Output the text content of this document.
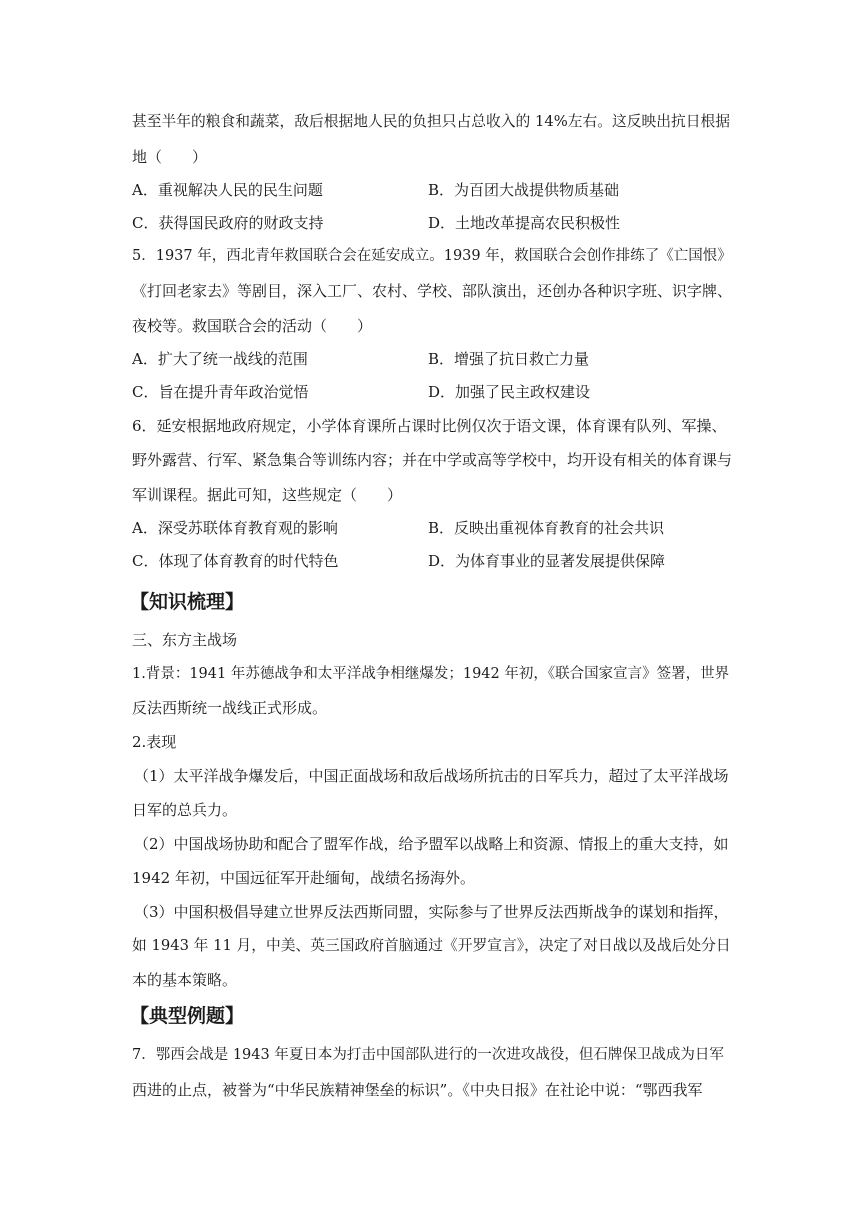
甚至半年的粮食和蔬菜，敌后根据地人民的负担只占总收入的 14%左右。这反映出抗日根据
地（　　）
A．重视解决人民的民生问题	B．为百团大战提供物质基础
C．获得国民政府的财政支持	D．土地改革提高农民积极性
5．1937 年，西北青年救国联合会在延安成立。1939 年，救国联合会创作排练了《亡国恨》
《打回老家去》等剧目，深入工厂、农村、学校、部队演出，还创办各种识字班、识字牌、
夜校等。救国联合会的活动（　　）
A．扩大了统一战线的范围	B．增强了抗日救亡力量
C．旨在提升青年政治觉悟	D．加强了民主政权建设
6．延安根据地政府规定，小学体育课所占课时比例仅次于语文课，体育课有队列、军操、
野外露营、行军、紧急集合等训练内容；并在中学或高等学校中，均开设有相关的体育课与
军训课程。据此可知，这些规定（　　）
A．深受苏联体育教育观的影响	B．反映出重视体育教育的社会共识
C．体现了体育教育的时代特色	D．为体育事业的显著发展提供保障
【知识梳理】
三、东方主战场
1.背景：1941 年苏德战争和太平洋战争相继爆发；1942 年初，《联合国家宣言》签署，世界
反法西斯统一战线正式形成。
2.表现
（1）太平洋战争爆发后，中国正面战场和敌后战场所抗击的日军兵力，超过了太平洋战场
日军的总兵力。
（2）中国战场协助和配合了盟军作战，给予盟军以战略上和资源、情报上的重大支持，如
1942 年初，中国远征军开赴缅甸，战绩名扬海外。
（3）中国积极倡导建立世界反法西斯同盟，实际参与了世界反法西斯战争的谋划和指挥，
如 1943 年 11 月，中美、英三国政府首脑通过《开罗宣言》，决定了对日战以及战后处分日
本的基本策略。
【典型例题】
7．鄂西会战是 1943 年夏日本为打击中国部队进行的一次进攻战役，但石牌保卫战成为日军
西进的止点，被誉为“中华民族精神堡垒的标识”。《中央日报》在社论中说：“鄂西我军
